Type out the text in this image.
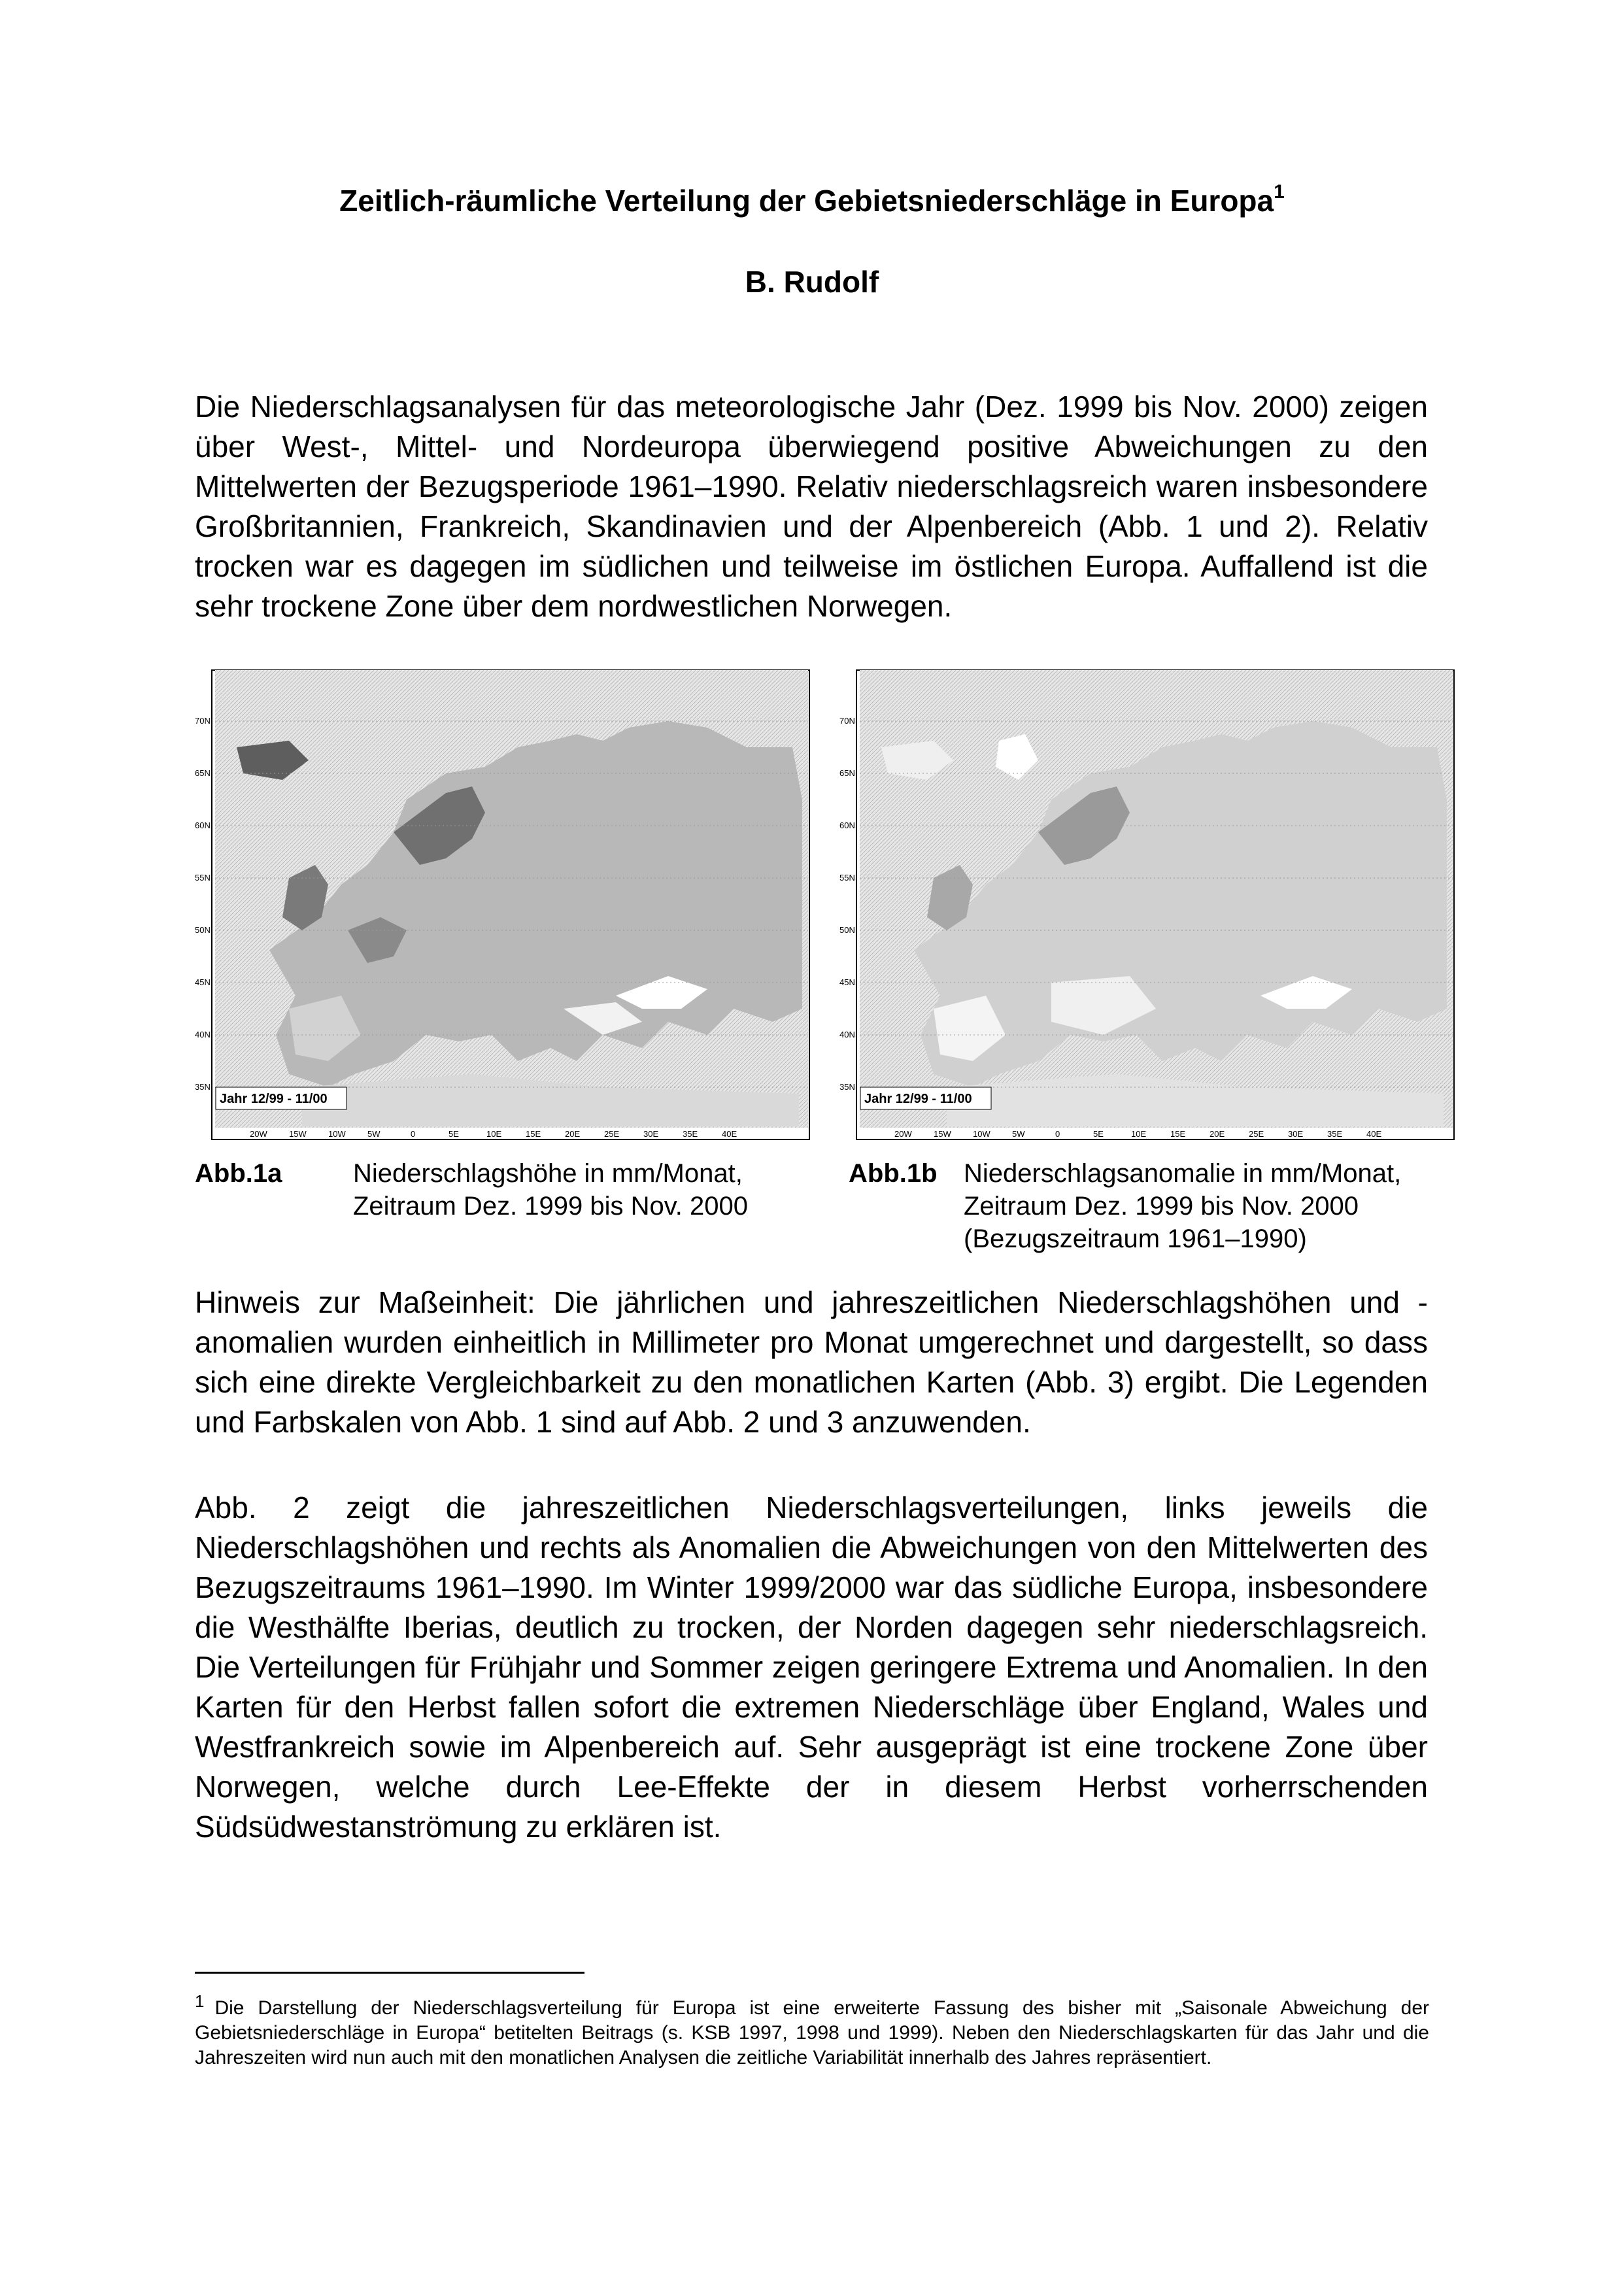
Zeitlich-räumliche Verteilung der Gebietsniederschläge in Europa$^1$
B. Rudolf
Die Niederschlagsanalysen für das meteorologische Jahr (Dez. 1999 bis Nov. 2000) zeigen über West-, Mittel- und Nordeuropa überwiegend positive Abweichungen zu den Mittelwerten der Bezugsperiode 1961–1990. Relativ niederschlagsreich waren insbesondere Großbritannien, Frankreich, Skandinavien und der Alpenbereich (Abb. 1 und 2). Relativ trocken war es dagegen im südlichen und teilweise im östlichen Europa. Auffallend ist die sehr trockene Zone über dem nordwestlichen Norwegen.
70N
65N
60N
55N
50N
45N
40N
35N
Jahr 12/99 - 11/00
20W	15W	10W	5W	0	5E	10E	15E	20E	25E	30E	35E	40E
70N
65N
60N
55N
50N
45N
40N
35N
Jahr 12/99 - 11/00
20W	15W	10W	5W	0	5E	10E	15E	20E	25E	30E	35E	40E
Abb.1a	Niederschlagshöhe in mm/Monat, Zeitraum Dez. 1999 bis Nov. 2000
Abb.1b Niederschlagsanomalie in mm/Monat, Zeitraum Dez. 1999 bis Nov. 2000 (Bezugszeitraum 1961–1990)
Hinweis zur Maßeinheit: Die jährlichen und jahreszeitlichen Niederschlagshöhen und -anomalien wurden einheitlich in Millimeter pro Monat umgerechnet und dargestellt, so dass sich eine direkte Vergleichbarkeit zu den monatlichen Karten (Abb. 3) ergibt. Die Legenden und Farbskalen von Abb. 1 sind auf Abb. 2 und 3 anzuwenden.
Abb. 2 zeigt die jahreszeitlichen Niederschlagsverteilungen, links jeweils die Niederschlagshöhen und rechts als Anomalien die Abweichungen von den Mittelwerten des Bezugszeitraums 1961–1990. Im Winter 1999/2000 war das südliche Europa, insbesondere die Westhälfte Iberias, deutlich zu trocken, der Norden dagegen sehr niederschlagsreich. Die Verteilungen für Frühjahr und Sommer zeigen geringere Extrema und Anomalien. In den Karten für den Herbst fallen sofort die extremen Niederschläge über England, Wales und Westfrankreich sowie im Alpenbereich auf. Sehr ausgeprägt ist eine trockene Zone über Norwegen, welche durch Lee-Effekte der in diesem Herbst vorherrschenden Südsüdwestanströmung zu erklären ist.
$^1$ Die Darstellung der Niederschlagsverteilung für Europa ist eine erweiterte Fassung des bisher mit „Saisonale Abweichung der Gebietsniederschläge in Europa“ betitelten Beitrags (s. KSB 1997, 1998 und 1999). Neben den Niederschlagskarten für das Jahr und die Jahreszeiten wird nun auch mit den monatlichen Analysen die zeitliche Variabilität innerhalb des Jahres repräsentiert.
